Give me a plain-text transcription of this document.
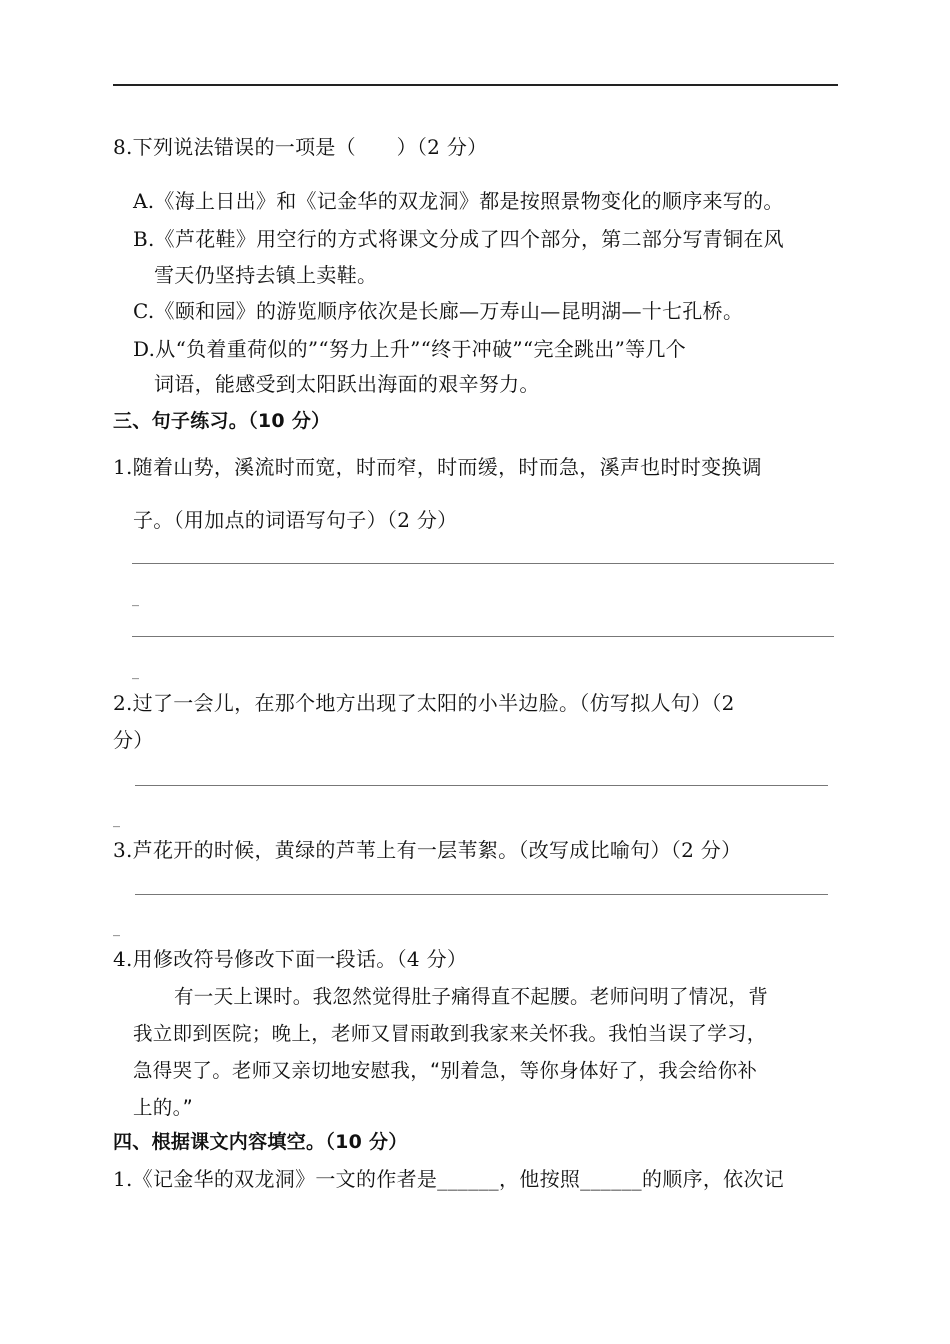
8.下列说法错误的一项是（　　）（2 分）
A.《海上日出》和《记金华的双龙洞》都是按照景物变化的顺序来写的。
B.《芦花鞋》用空行的方式将课文分成了四个部分，第二部分写青铜在风
雪天仍坚持去镇上卖鞋。
C.《颐和园》的游览顺序依次是长廊—万寿山—昆明湖—十七孔桥。
D.从“负着重荷似的”“努力上升”“终于冲破”“完全跳出”等几个
词语，能感受到太阳跃出海面的艰辛努力。
三、句子练习。（10 分）
1.随着山势，溪流时而宽，时而窄，时而缓，时而急，溪声也时时变换调
子。（用加点的词语写句子）（2 分）
_
_
2.过了一会儿，在那个地方出现了太阳的小半边脸。（仿写拟人句）（2
分）
_
3.芦花开的时候，黄绿的芦苇上有一层苇絮。（改写成比喻句）（2 分）
_
4.用修改符号修改下面一段话。（4 分）
有一天上课时。我忽然觉得肚子痛得直不起腰。老师问明了情况，背
我立即到医院；晚上，老师又冒雨敢到我家来关怀我。我怕当误了学习，
急得哭了。老师又亲切地安慰我，“别着急，等你身体好了，我会给你补
上的。”
四、根据课文内容填空。（10 分）
1.《记金华的双龙洞》一文的作者是______，他按照______的顺序，依次记
